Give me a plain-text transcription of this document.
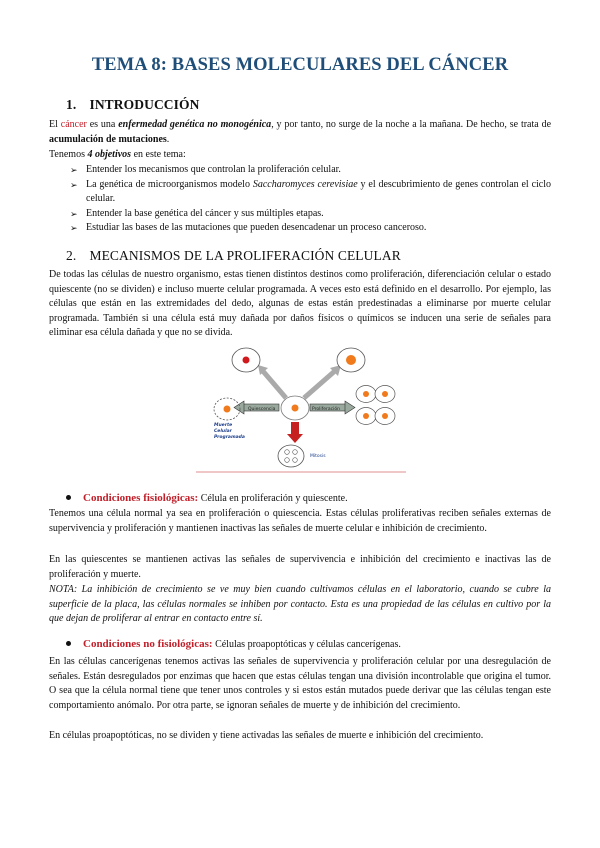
TEMA 8: BASES MOLECULARES DEL CÁNCER
1. INTRODUCCIÓN
El cáncer es una enfermedad genética no monogénica, y por tanto, no surge de la noche a la mañana. De hecho, se trata de acumulación de mutaciones.
Tenemos 4 objetivos en este tema:
➢ Entender los mecanismos que controlan la proliferación celular.
➢ La genética de microorganismos modelo Saccharomyces cerevisiae y el descubrimiento de genes controlan el ciclo celular.
➢ Entender la base genética del cáncer y sus múltiples etapas.
➢ Estudiar las bases de las mutaciones que pueden desencadenar un proceso canceroso.
2. MECANISMOS DE LA PROLIFERACIÓN CELULAR
De todas las células de nuestro organismo, estas tienen distintos destinos como proliferación, diferenciación celular o estado quiescente (no se dividen) e incluso muerte celular programada. A veces esto está definido en el desarrollo. Por ejemplo, las células que están en las extremidades del dedo, algunas de estas están predestinadas a eliminarse por muerte celular programada. También si una célula está muy dañada por daños físicos o químicos se inducen una serie de señales para eliminar esa célula dañada y que no se divida.
Quiescencia	Proliferación
Muerte
Celular
Programada
Mitosis
Condiciones fisiológicas: Célula en proliferación y quiescente.
Tenemos una célula normal ya sea en proliferación o quiescencia. Estas células proliferativas reciben señales externas de supervivencia y proliferación y mantienen inactivas las señales de muerte celular e inhibición de crecimiento.
En las quiescentes se mantienen activas las señales de supervivencia e inhibición del crecimiento e inactivas las de proliferación y muerte.
NOTA: La inhibición de crecimiento se ve muy bien cuando cultivamos células en el laboratorio, cuando se cubre la superficie de la placa, las células normales se inhiben por contacto. Esta es una propiedad de las células en cultivo por la que dejan de proliferar al entrar en contacto entre sí.
Condiciones no fisiológicas: Células proapoptóticas y células cancerígenas.
En las células cancerígenas tenemos activas las señales de supervivencia y proliferación celular por una desregulación de señales. Están desregulados por enzimas que hacen que estas células tengan una división incontrolable que origina el tumor. O sea que la célula normal tiene que tener unos controles y si estos están mutados puede derivar que las células tengan este comportamiento anómalo. Por otra parte, se ignoran señales de muerte y de inhibición del crecimiento.
En células proapoptóticas, no se dividen y tiene activadas las señales de muerte e inhibición del crecimiento.
